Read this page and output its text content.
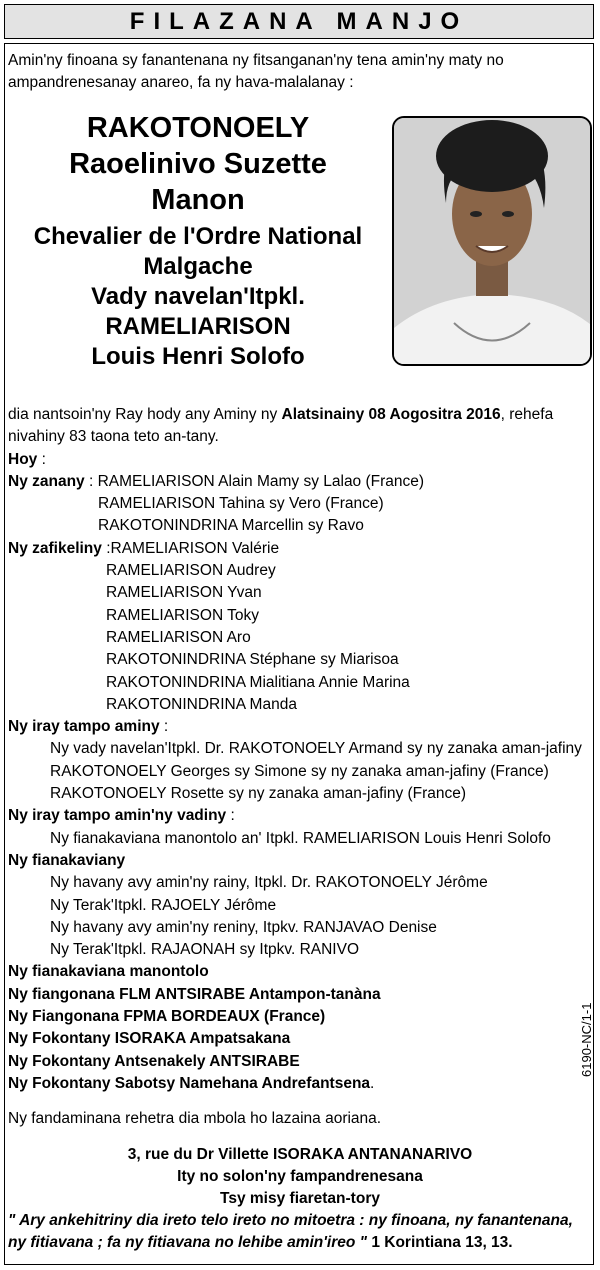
FILAZANA MANJO
Amin'ny finoana sy fanantenana ny fitsanganan'ny tena amin'ny maty no ampandrenesanay anareo, fa ny hava-malalanay :
RAKOTONOELY
Raoelinivo Suzette
Manon
Chevalier de l'Ordre National
Malgache
Vady navelan'Itpkl. RAMELIARISON
Louis Henri Solofo

dia nantsoin'ny Ray hody any Aminy ny Alatsinainy 08 Aogositra 2016, rehefa nivahiny 83 taona teto an-tany.

Hoy :

Ny zanany : RAMELIARISON Alain Mamy sy Lalao (France)

RAMELIARISON Tahina sy Vero (France)

RAKOTONINDRINA Marcellin sy Ravo

Ny zafikeliny :RAMELIARISON Valérie

RAMELIARISON Audrey

RAMELIARISON Yvan

RAMELIARISON Toky

RAMELIARISON Aro

RAKOTONINDRINA Stéphane sy Miarisoa

RAKOTONINDRINA Mialitiana Annie Marina

RAKOTONINDRINA Manda

Ny iray tampo aminy :

Ny vady navelan'Itpkl. Dr. RAKOTONOELY Armand sy ny zanaka aman-jafiny

RAKOTONOELY Georges sy Simone sy ny zanaka aman-jafiny (France)

RAKOTONOELY Rosette sy ny zanaka aman-jafiny (France)

Ny iray tampo amin'ny vadiny :

Ny fianakaviana manontolo an' Itpkl. RAMELIARISON Louis Henri Solofo

Ny fianakaviany

Ny havany avy amin'ny rainy, Itpkl. Dr. RAKOTONOELY Jérôme

Ny Terak'Itpkl. RAJOELY Jérôme

Ny havany avy amin'ny reniny, Itpkv. RANJAVAO Denise

Ny Terak'Itpkl. RAJAONAH sy Itpkv. RANIVO

Ny fianakaviana manontolo

Ny fiangonana FLM ANTSIRABE Antampon-tanàna

Ny Fiangonana FPMA BORDEAUX (France)

Ny Fokontany ISORAKA Ampatsakana

Ny Fokontany Antsenakely ANTSIRABE

Ny Fokontany Sabotsy Namehana Andrefantsena.

Ny fandaminana rehetra dia mbola ho lazaina aoriana.

3, rue du Dr Villette ISORAKA ANTANANARIVO
Ity no solon'ny fampandrenesana
Tsy misy fiaretan-tory
" Ary ankehitriny dia ireto telo ireto no mitoetra : ny finoana, ny fanantenana, ny fitiavana ; fa ny fitiavana no lehibe amin'ireo " 1 Korintiana 13, 13.
6190-NC/1-1
